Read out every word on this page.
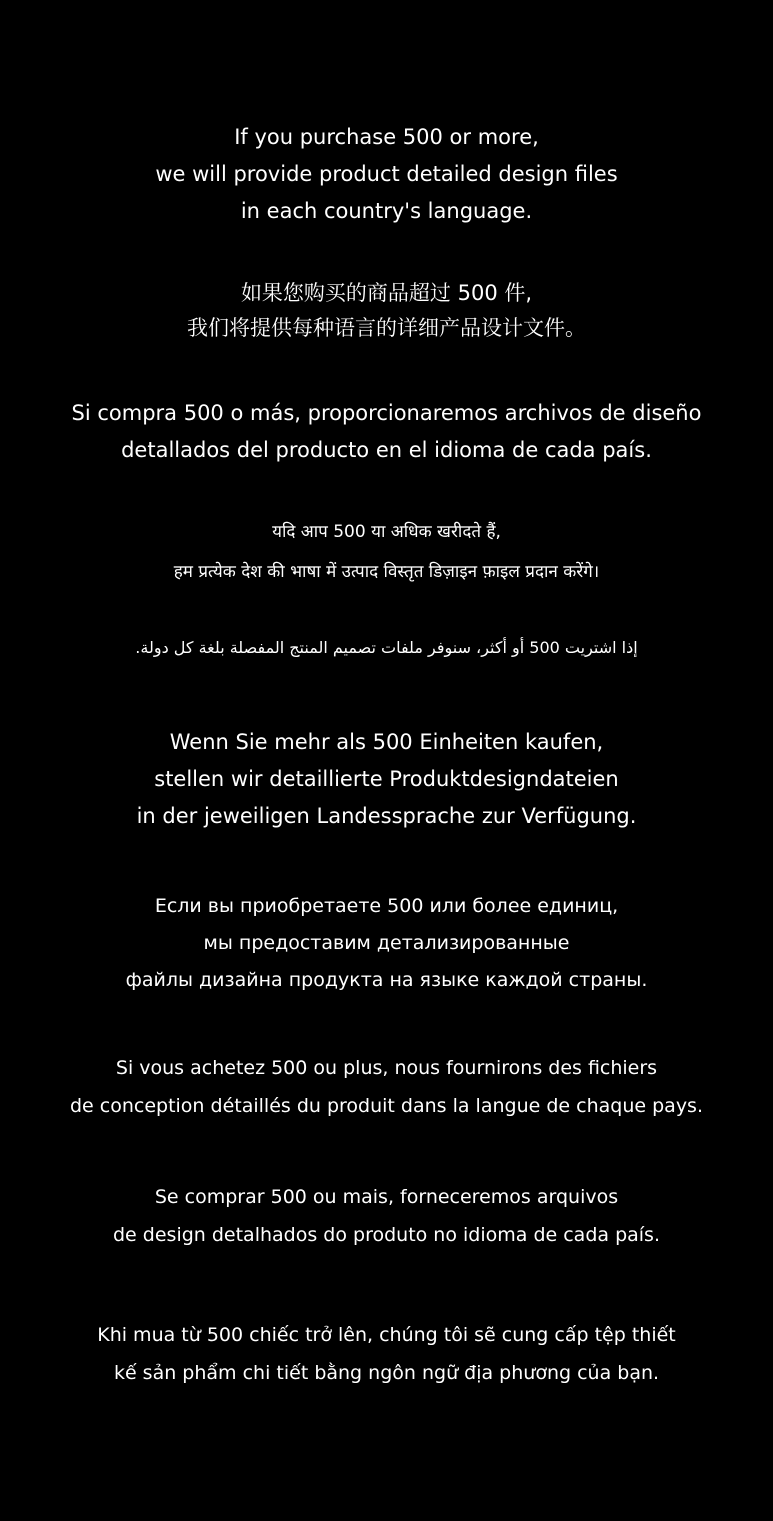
If you purchase 500 or more,
we will provide product detailed design files
in each country's language.
如果您购买的商品超过 500 件,
我们将提供每种语言的详细产品设计文件。
Si compra 500 o más, proporcionaremos archivos de diseño
detallados del producto en el idioma de cada país.
यदि आप 500 या अधिक खरीदते हैं,
हम प्रत्येक देश की भाषा में उत्पाद विस्तृत डिज़ाइन फ़ाइल प्रदान करेंगे।
إذا اشتريت 500 أو أكثر، سنوفر ملفات تصميم المنتج المفصلة بلغة كل دولة.
Wenn Sie mehr als 500 Einheiten kaufen,
stellen wir detaillierte Produktdesigndateien
in der jeweiligen Landessprache zur Verfügung.
Если вы приобретаете 500 или более единиц,
мы предоставим детализированные
файлы дизайна продукта на языке каждой страны.
Si vous achetez 500 ou plus, nous fournirons des fichiers
de conception détaillés du produit dans la langue de chaque pays.
Se comprar 500 ou mais, forneceremos arquivos
de design detalhados do produto no idioma de cada país.
Khi mua từ 500 chiếc trở lên, chúng tôi sẽ cung cấp tệp thiết
kế sản phẩm chi tiết bằng ngôn ngữ địa phương của bạn.
